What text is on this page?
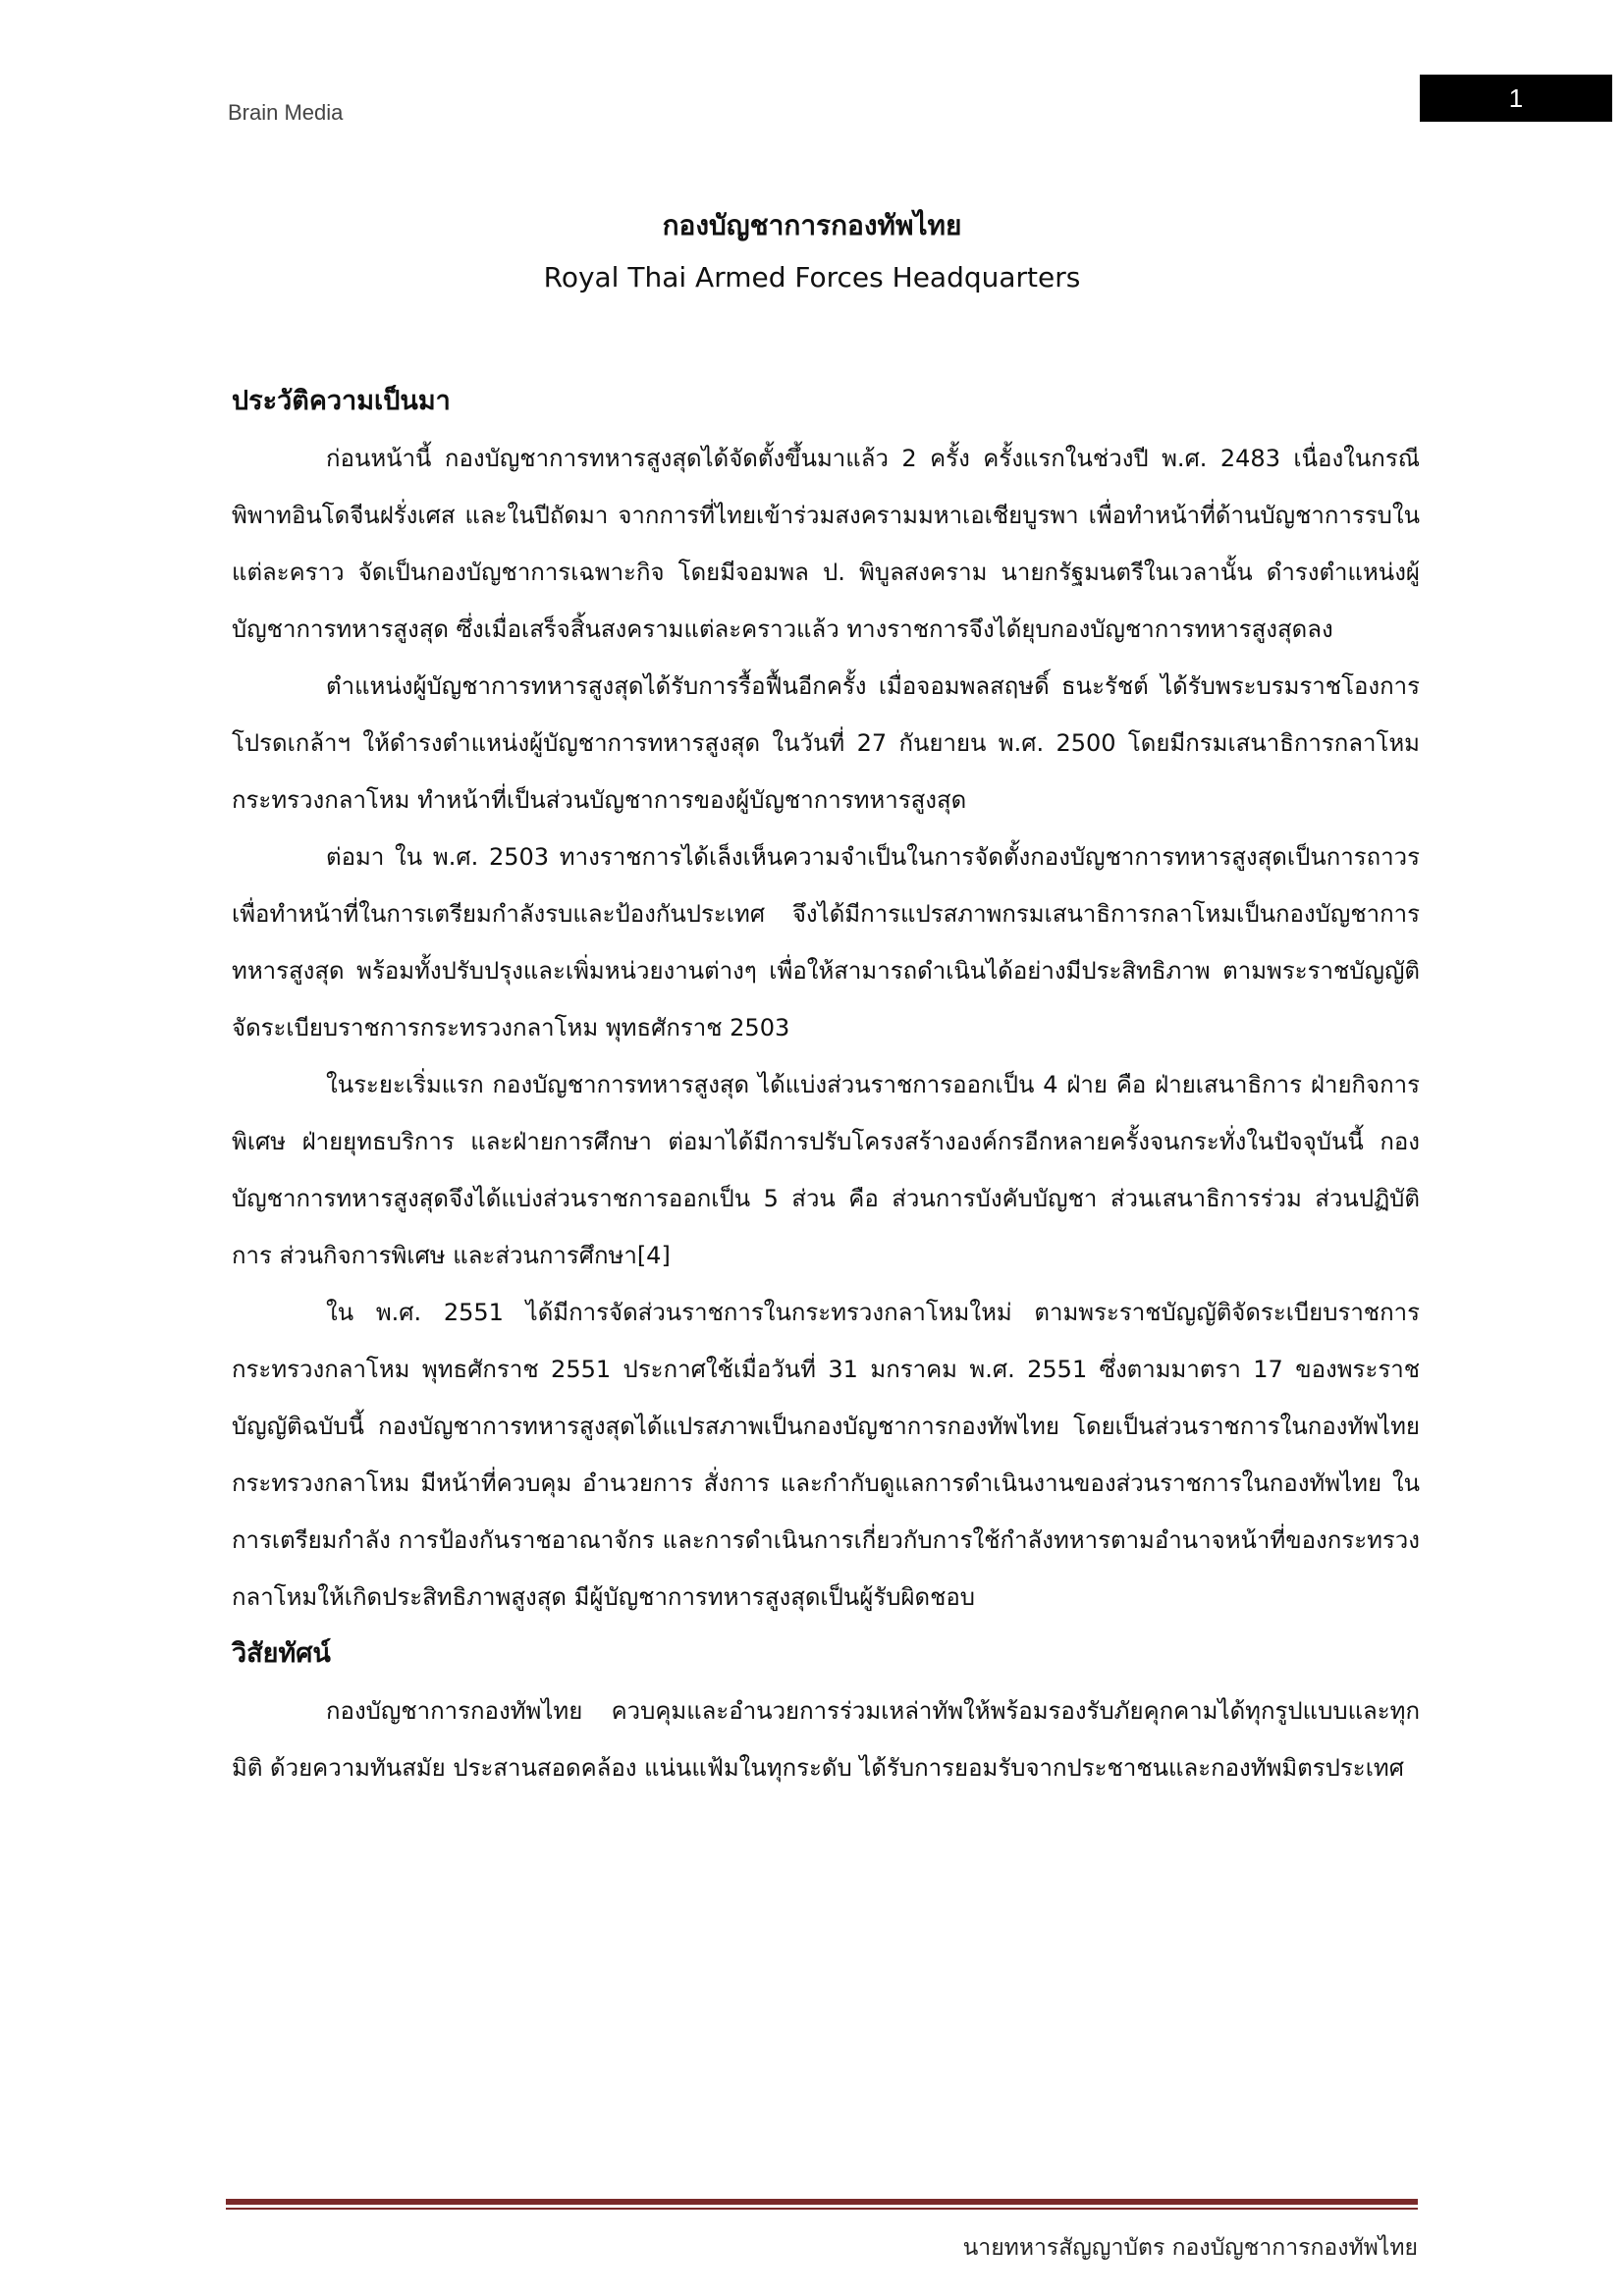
Brain Media	1
กองบัญชาการกองทัพไทย
Royal Thai Armed Forces Headquarters
ประวัติความเป็นมา

ก่อนหน้านี้ กองบัญชาการทหารสูงสุดได้จัดตั้งขึ้นมาแล้ว 2 ครั้ง ครั้งแรกในช่วงปี พ.ศ. 2483 เนื่องในกรณีพิพาทอินโดจีนฝรั่งเศส และในปีถัดมา จากการที่ไทยเข้าร่วมสงครามมหาเอเชียบูรพา เพื่อทำหน้าที่ด้านบัญชาการรบในแต่ละคราว จัดเป็นกองบัญชาการเฉพาะกิจ โดยมีจอมพล ป. พิบูลสงคราม นายกรัฐมนตรีในเวลานั้น ดำรงตำแหน่งผู้บัญชาการทหารสูงสุด ซึ่งเมื่อเสร็จสิ้นสงครามแต่ละคราวแล้ว ทางราชการจึงได้ยุบกองบัญชาการทหารสูงสุดลง

ตำแหน่งผู้บัญชาการทหารสูงสุดได้รับการรื้อฟื้นอีกครั้ง เมื่อจอมพลสฤษดิ์ ธนะรัชต์ ได้รับพระบรมราชโองการโปรดเกล้าฯ ให้ดำรงตำแหน่งผู้บัญชาการทหารสูงสุด ในวันที่ 27 กันยายน พ.ศ. 2500 โดยมีกรมเสนาธิการกลาโหม กระทรวงกลาโหม ทำหน้าที่เป็นส่วนบัญชาการของผู้บัญชาการทหารสูงสุด

ต่อมา ใน พ.ศ. 2503 ทางราชการได้เล็งเห็นความจำเป็นในการจัดตั้งกองบัญชาการทหารสูงสุดเป็นการถาวร เพื่อทำหน้าที่ในการเตรียมกำลังรบและป้องกันประเทศ จึงได้มีการแปรสภาพกรมเสนาธิการกลาโหมเป็นกองบัญชาการทหารสูงสุด พร้อมทั้งปรับปรุงและเพิ่มหน่วยงานต่างๆ เพื่อให้สามารถดำเนินได้อย่างมีประสิทธิภาพ ตามพระราชบัญญัติจัดระเบียบราชการกระทรวงกลาโหม พุทธศักราช 2503

ในระยะเริ่มแรก กองบัญชาการทหารสูงสุด ได้แบ่งส่วนราชการออกเป็น 4 ฝ่าย คือ ฝ่ายเสนาธิการ ฝ่ายกิจการพิเศษ ฝ่ายยุทธบริการ และฝ่ายการศึกษา ต่อมาได้มีการปรับโครงสร้างองค์กรอีกหลายครั้งจนกระทั่งในปัจจุบันนี้ กองบัญชาการทหารสูงสุดจึงได้แบ่งส่วนราชการออกเป็น 5 ส่วน คือ ส่วนการบังคับบัญชา ส่วนเสนาธิการร่วม ส่วนปฏิบัติการ ส่วนกิจการพิเศษ และส่วนการศึกษา[4]

ใน พ.ศ. 2551 ได้มีการจัดส่วนราชการในกระทรวงกลาโหมใหม่ ตามพระราชบัญญัติจัดระเบียบราชการกระทรวงกลาโหม พุทธศักราช 2551 ประกาศใช้เมื่อวันที่ 31 มกราคม พ.ศ. 2551 ซึ่งตามมาตรา 17 ของพระราชบัญญัติฉบับนี้ กองบัญชาการทหารสูงสุดได้แปรสภาพเป็นกองบัญชาการกองทัพไทย โดยเป็นส่วนราชการในกองทัพไทย กระทรวงกลาโหม มีหน้าที่ควบคุม อำนวยการ สั่งการ และกำกับดูแลการดำเนินงานของส่วนราชการในกองทัพไทย ในการเตรียมกำลัง การป้องกันราชอาณาจักร และการดำเนินการเกี่ยวกับการใช้กำลังทหารตามอำนาจหน้าที่ของกระทรวงกลาโหมให้เกิดประสิทธิภาพสูงสุด มีผู้บัญชาการทหารสูงสุดเป็นผู้รับผิดชอบ

วิสัยทัศน์

กองบัญชาการกองทัพไทย ควบคุมและอำนวยการร่วมเหล่าทัพให้พร้อมรองรับภัยคุกคามได้ทุกรูปแบบและทุกมิติ ด้วยความทันสมัย ประสานสอดคล้อง แน่นแฟ้มในทุกระดับ ได้รับการยอมรับจากประชาชนและกองทัพมิตรประเทศ

นายทหารสัญญาบัตร กองบัญชาการกองทัพไทย
